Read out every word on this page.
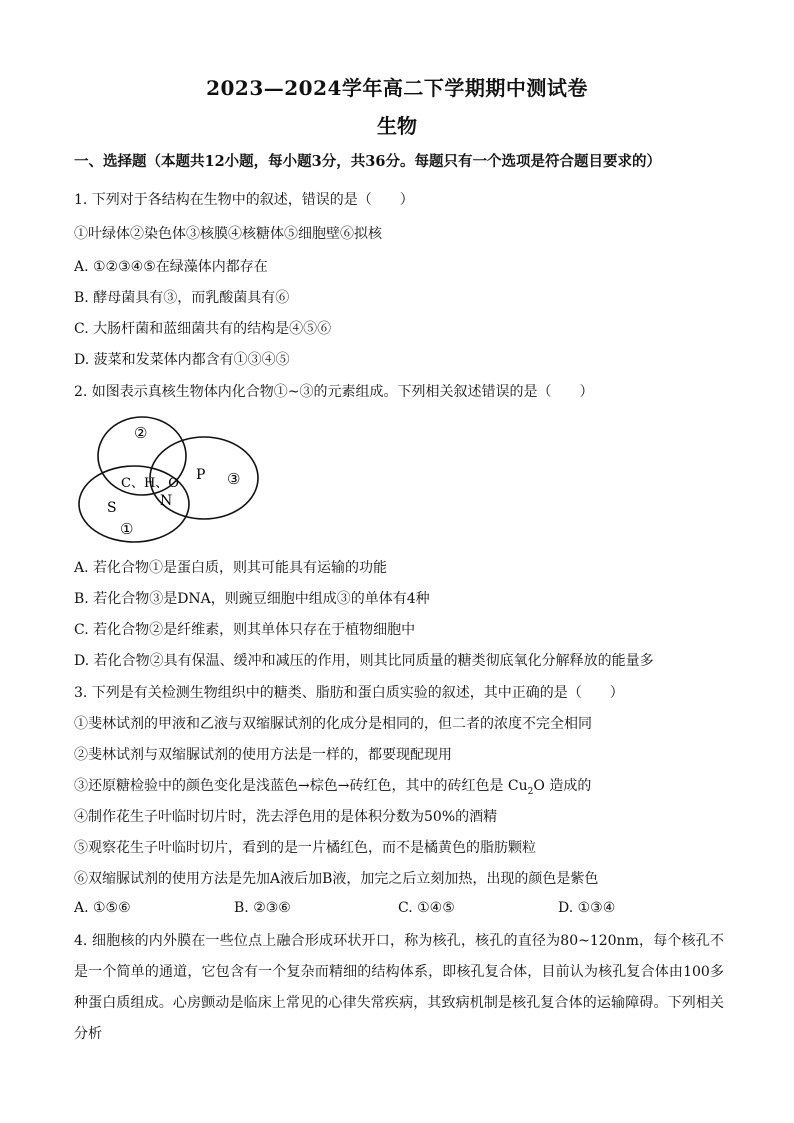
2023—2024学年高二下学期期中测试卷
生物
一、选择题（本题共12小题，每小题3分，共36分。每题只有一个选项是符合题目要求的）
1. 下列对于各结构在生物中的叙述，错误的是（　　）
①叶绿体②染色体③核膜④核糖体⑤细胞壁⑥拟核
A. ①②③④⑤在绿藻体内都存在
B. 酵母菌具有③，而乳酸菌具有⑥
C. 大肠杆菌和蓝细菌共有的结构是④⑤⑥
D. 菠菜和发菜体内都含有①③④⑤
2. 如图表示真核生物体内化合物①~③的元素组成。下列相关叙述错误的是（　　）
②
③
①
C、H、O
N
P
S
A. 若化合物①是蛋白质，则其可能具有运输的功能
B. 若化合物③是DNA，则豌豆细胞中组成③的单体有4种
C. 若化合物②是纤维素，则其单体只存在于植物细胞中
D. 若化合物②具有保温、缓冲和减压的作用，则其比同质量的糖类彻底氧化分解释放的能量多
3. 下列是有关检测生物组织中的糖类、脂肪和蛋白质实验的叙述，其中正确的是（　　）
①斐林试剂的甲液和乙液与双缩脲试剂的化成分是相同的，但二者的浓度不完全相同
②斐林试剂与双缩脲试剂的使用方法是一样的，都要现配现用
③还原糖检验中的颜色变化是浅蓝色→棕色→砖红色，其中的砖红色是 $Cu_2O$ 造成的
④制作花生子叶临时切片时，洗去浮色用的是体积分数为50%的酒精
⑤观察花生子叶临时切片，看到的是一片橘红色，而不是橘黄色的脂肪颗粒
⑥双缩脲试剂的使用方法是先加A液后加B液，加完之后立刻加热，出现的颜色是紫色
A. ①⑤⑥	B. ②③⑥	C. ①④⑤	D. ①③④
4. 细胞核的内外膜在一些位点上融合形成环状开口，称为核孔，核孔的直径为80~120nm，每个核孔不是一个简单的通道，它包含有一个复杂而精细的结构体系，即核孔复合体，目前认为核孔复合体由100多种蛋白质组成。心房颤动是临床上常见的心律失常疾病，其致病机制是核孔复合体的运输障碍。下列相关分析
